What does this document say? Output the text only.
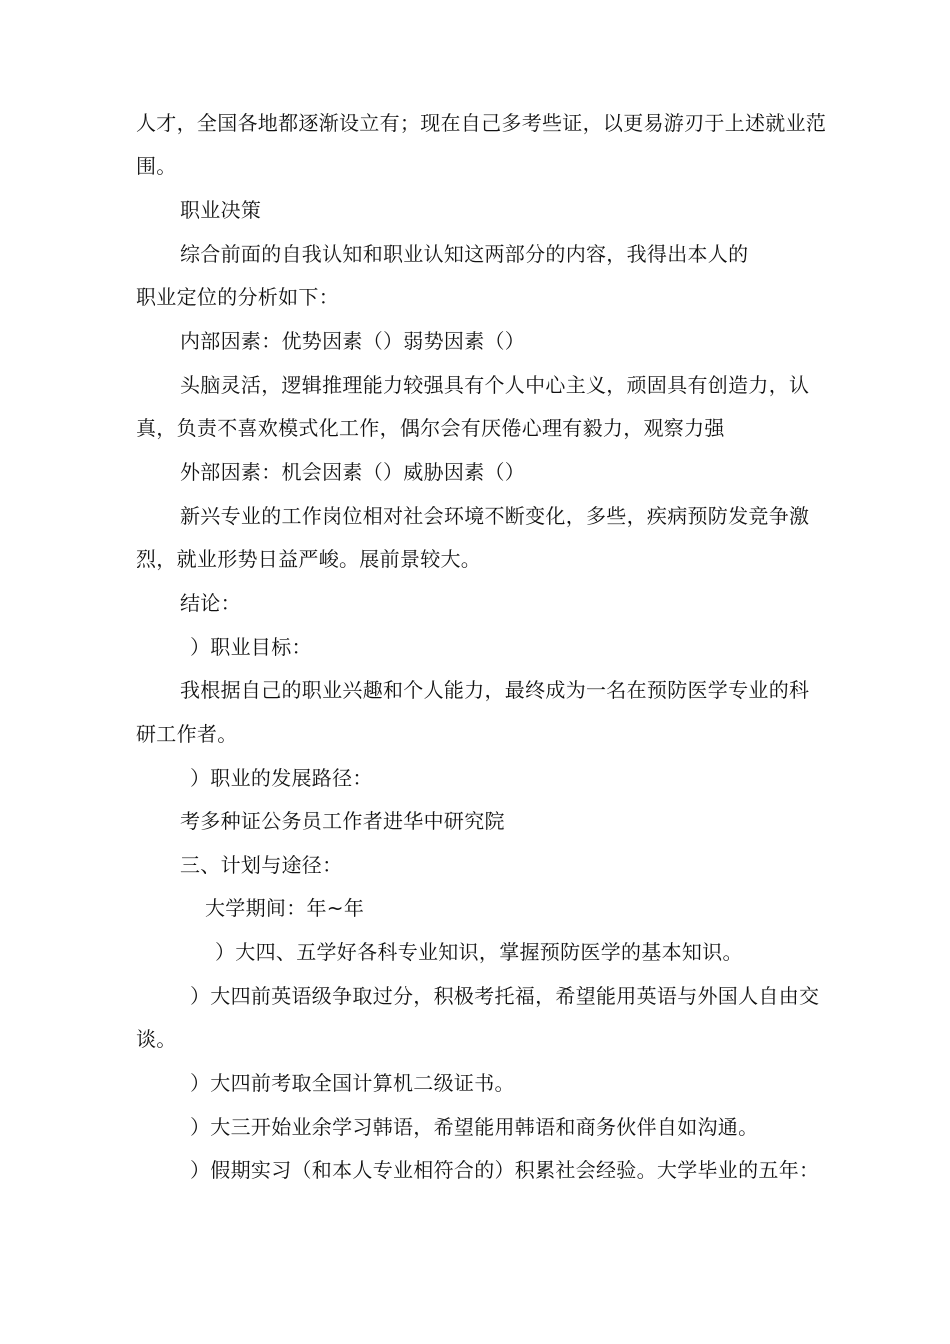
人才，全国各地都逐渐设立有；现在自己多考些证，以更易游刃于上述就业范
围。
职业决策
综合前面的自我认知和职业认知这两部分的内容，我得出本人的
职业定位的分析如下：
内部因素：优势因素（）弱势因素（）
头脑灵活，逻辑推理能力较强具有个人中心主义，顽固具有创造力，认
真，负责不喜欢模式化工作，偶尔会有厌倦心理有毅力，观察力强
外部因素：机会因素（）威胁因素（）
新兴专业的工作岗位相对社会环境不断变化，多些，疾病预防发竞争激
烈，就业形势日益严峻。展前景较大。
结论：
）职业目标：
我根据自己的职业兴趣和个人能力，最终成为一名在预防医学专业的科
研工作者。
）职业的发展路径：
考多种证公务员工作者进华中研究院
三、计划与途径：
大学期间：年~年
）大四、五学好各科专业知识，掌握预防医学的基本知识。
）大四前英语级争取过分，积极考托福，希望能用英语与外国人自由交
谈。
）大四前考取全国计算机二级证书。
）大三开始业余学习韩语，希望能用韩语和商务伙伴自如沟通。
）假期实习（和本人专业相符合的）积累社会经验。大学毕业的五年：
